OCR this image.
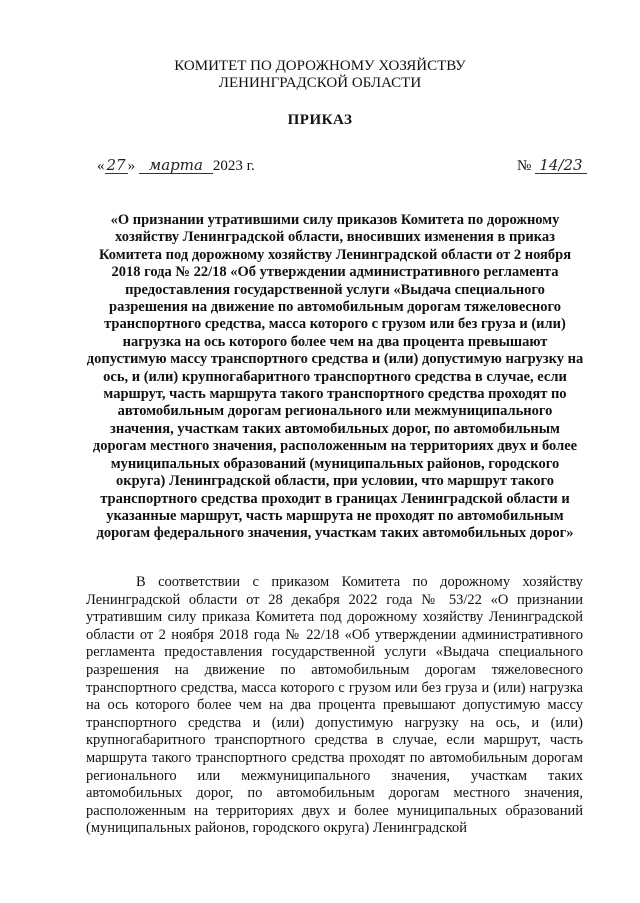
КОМИТЕТ ПО ДОРОЖНОМУ ХОЗЯЙСТВУ
ЛЕНИНГРАДСКОЙ ОБЛАСТИ
ПРИКАЗ
« 27 » марта 2023 г.	№ 14/23
«О признании утратившими силу приказов Комитета по дорожному хозяйству Ленинградской области, вносивших изменения в приказ Комитета под дорожному хозяйству Ленинградской области от 2 ноября 2018 года № 22/18 «Об утверждении административного регламента предоставления государственной услуги «Выдача специального разрешения на движение по автомобильным дорогам тяжеловесного транспортного средства, масса которого с грузом или без груза и (или) нагрузка на ось которого более чем на два процента превышают допустимую массу транспортного средства и (или) допустимую нагрузку на ось, и (или) крупногабаритного транспортного средства в случае, если маршрут, часть маршрута такого транспортного средства проходят по автомобильным дорогам регионального или межмуниципального значения, участкам таких автомобильных дорог, по автомобильным дорогам местного значения, расположенным на территориях двух и более муниципальных образований (муниципальных районов, городского округа) Ленинградской области, при условии, что маршрут такого транспортного средства проходит в границах Ленинградской области и указанные маршрут, часть маршрута не проходят по автомобильным дорогам федерального значения, участкам таких автомобильных дорог»
В соответствии с приказом Комитета по дорожному хозяйству Ленинградской области от 28 декабря 2022 года № 53/22 «О признании утратившим силу приказа Комитета под дорожному хозяйству Ленинградской области от 2 ноября 2018 года № 22/18 «Об утверждении административного регламента предоставления государственной услуги «Выдача специального разрешения на движение по автомобильным дорогам тяжеловесного транспортного средства, масса которого с грузом или без груза и (или) нагрузка на ось которого более чем на два процента превышают допустимую массу транспортного средства и (или) допустимую нагрузку на ось, и (или) крупногабаритного транспортного средства в случае, если маршрут, часть маршрута такого транспортного средства проходят по автомобильным дорогам регионального или межмуниципального значения, участкам таких автомобильных дорог, по автомобильным дорогам местного значения, расположенным на территориях двух и более муниципальных образований (муниципальных районов, городского округа) Ленинградской
